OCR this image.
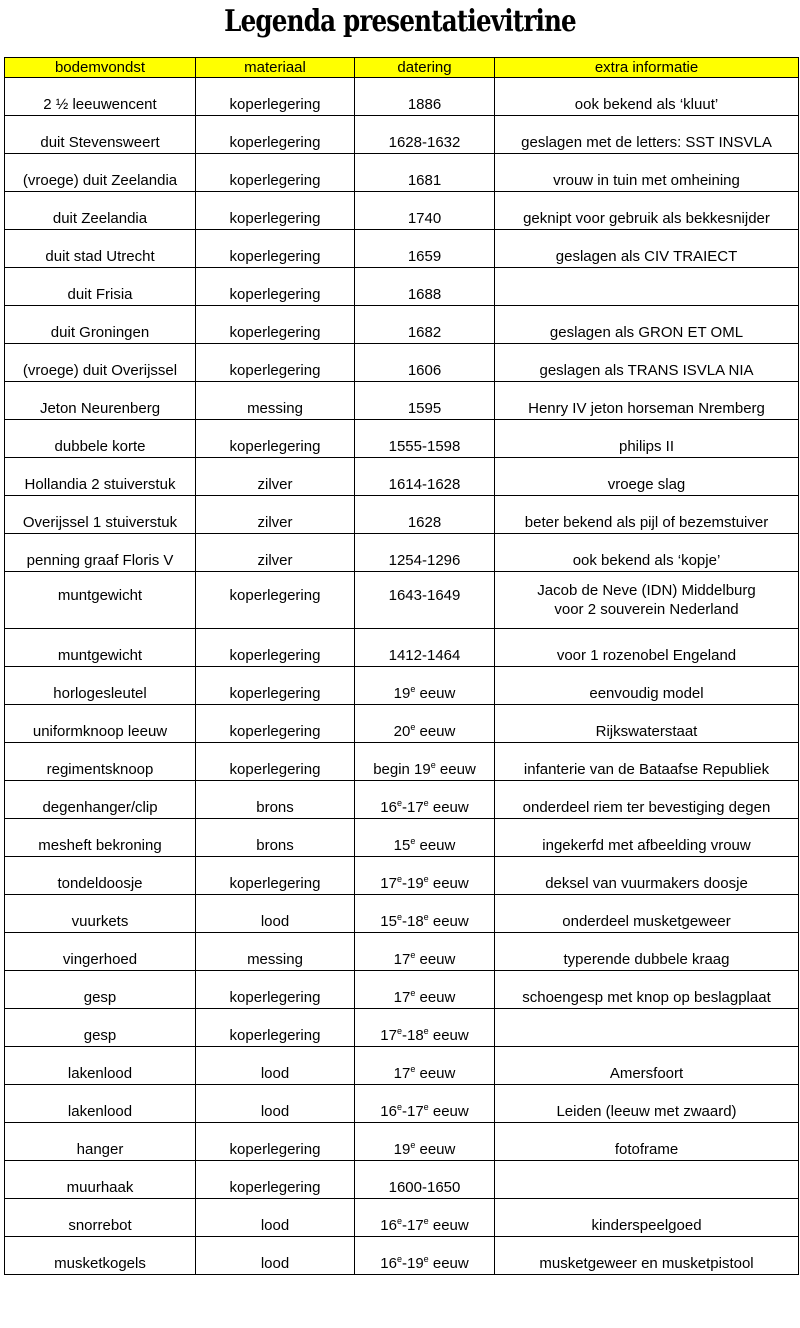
Legenda presentatievitrine
bodemvondst	materiaal	datering	extra informatie
2 ½ leeuwencent	koperlegering	1886	ook bekend als ‘kluut’
duit Stevensweert	koperlegering	1628-1632	geslagen met de letters: SST INSVLA
(vroege) duit Zeelandia	koperlegering	1681	vrouw in tuin met omheining
duit Zeelandia	koperlegering	1740	geknipt voor gebruik als bekkesnijder
duit stad Utrecht	koperlegering	1659	geslagen als CIV TRAIECT
duit Frisia	koperlegering	1688	
duit Groningen	koperlegering	1682	geslagen als GRON ET OML
(vroege) duit Overijssel	koperlegering	1606	geslagen als TRANS ISVLA NIA
Jeton Neurenberg	messing	1595	Henry IV jeton horseman Nremberg
dubbele korte	koperlegering	1555-1598	philips II
Hollandia 2 stuiverstuk	zilver	1614-1628	vroege slag
Overijssel 1 stuiverstuk	zilver	1628	beter bekend als pijl of bezemstuiver
penning graaf Floris V	zilver	1254-1296	ook bekend als ‘kopje’
muntgewicht	koperlegering	1643-1649	Jacob de Neve (IDN) Middelburg
voor 2 souverein Nederland

muntgewicht	koperlegering	1412-1464	voor 1 rozenobel Engeland
horlogesleutel	koperlegering	19e eeuw	eenvoudig model
uniformknoop leeuw	koperlegering	20e eeuw	Rijkswaterstaat
regimentsknoop	koperlegering	begin 19e eeuw	infanterie van de Bataafse Republiek
degenhanger/clip	brons	16e-17e eeuw	onderdeel riem ter bevestiging degen
mesheft bekroning	brons	15e eeuw	ingekerfd met afbeelding vrouw
tondeldoosje	koperlegering	17e-19e eeuw	deksel van vuurmakers doosje
vuurkets	lood	15e-18e eeuw	onderdeel musketgeweer
vingerhoed	messing	17e eeuw	typerende dubbele kraag
gesp	koperlegering	17e eeuw	schoengesp met knop op beslagplaat
gesp	koperlegering	17e-18e eeuw	
lakenlood	lood	17e eeuw	Amersfoort
lakenlood	lood	16e-17e eeuw	Leiden (leeuw met zwaard)
hanger	koperlegering	19e eeuw	fotoframe
muurhaak	koperlegering	1600-1650	
snorrebot	lood	16e-17e eeuw	kinderspeelgoed
musketkogels	lood	16e-19e eeuw	musketgeweer en musketpistool
